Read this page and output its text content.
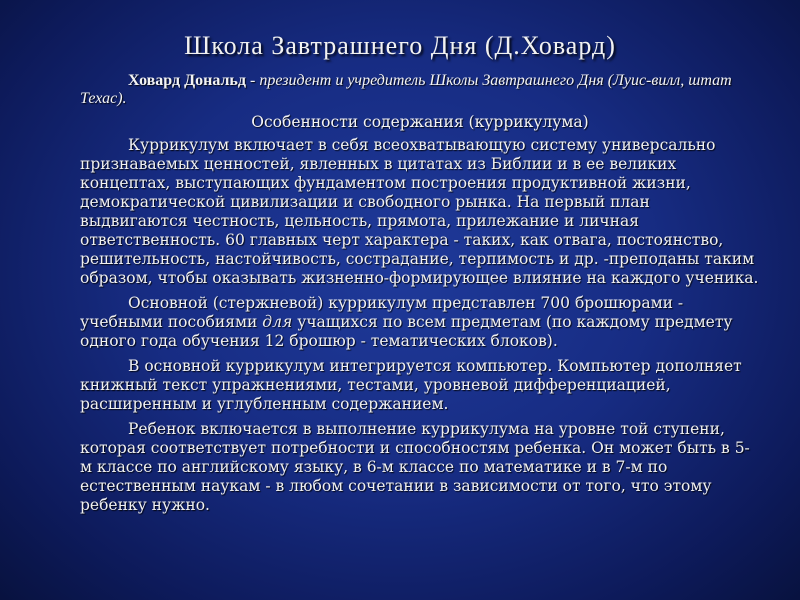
Школа Завтрашнего Дня (Д.Ховард)

Ховард Дональд - президент и учредитель Школы Завтрашнего Дня (Луис-вилл, штат Техас).

Особенности содержания (куррикулума)

Куррикулум включает в себя всеохватывающую систему универсально признаваемых ценностей, явленных в цитатах из Библии и в ее великих концептах, выступающих фундаментом построения продуктивной жизни, демократической цивилизации и свободного рынка. На первый план выдвигаются честность, цельность, прямота, прилежание и личная ответственность. 60 главных черт характера - таких, как отвага, постоянство, решительность, настойчивость, сострадание, терпимость и др. -преподаны таким образом, чтобы оказывать жизненно-формирующее влияние на каждого ученика.

Основной (стержневой) куррикулум представлен 700 брошюрами - учебными пособиями для учащихся по всем предметам (по каждому предмету одного года обучения 12 брошюр - тематических блоков).

В основной куррикулум интегрируется компьютер. Компьютер дополняет книжный текст упражнениями, тестами, уровневой дифференциацией, расширенным и углубленным содержанием.

Ребенок включается в выполнение куррикулума на уровне той ступени, которая соответствует потребности и способностям ребенка. Он может быть в 5-м классе по английскому языку, в 6-м классе по математике и в 7-м по естественным наукам - в любом сочетании в зависимости от того, что этому ребенку нужно.
